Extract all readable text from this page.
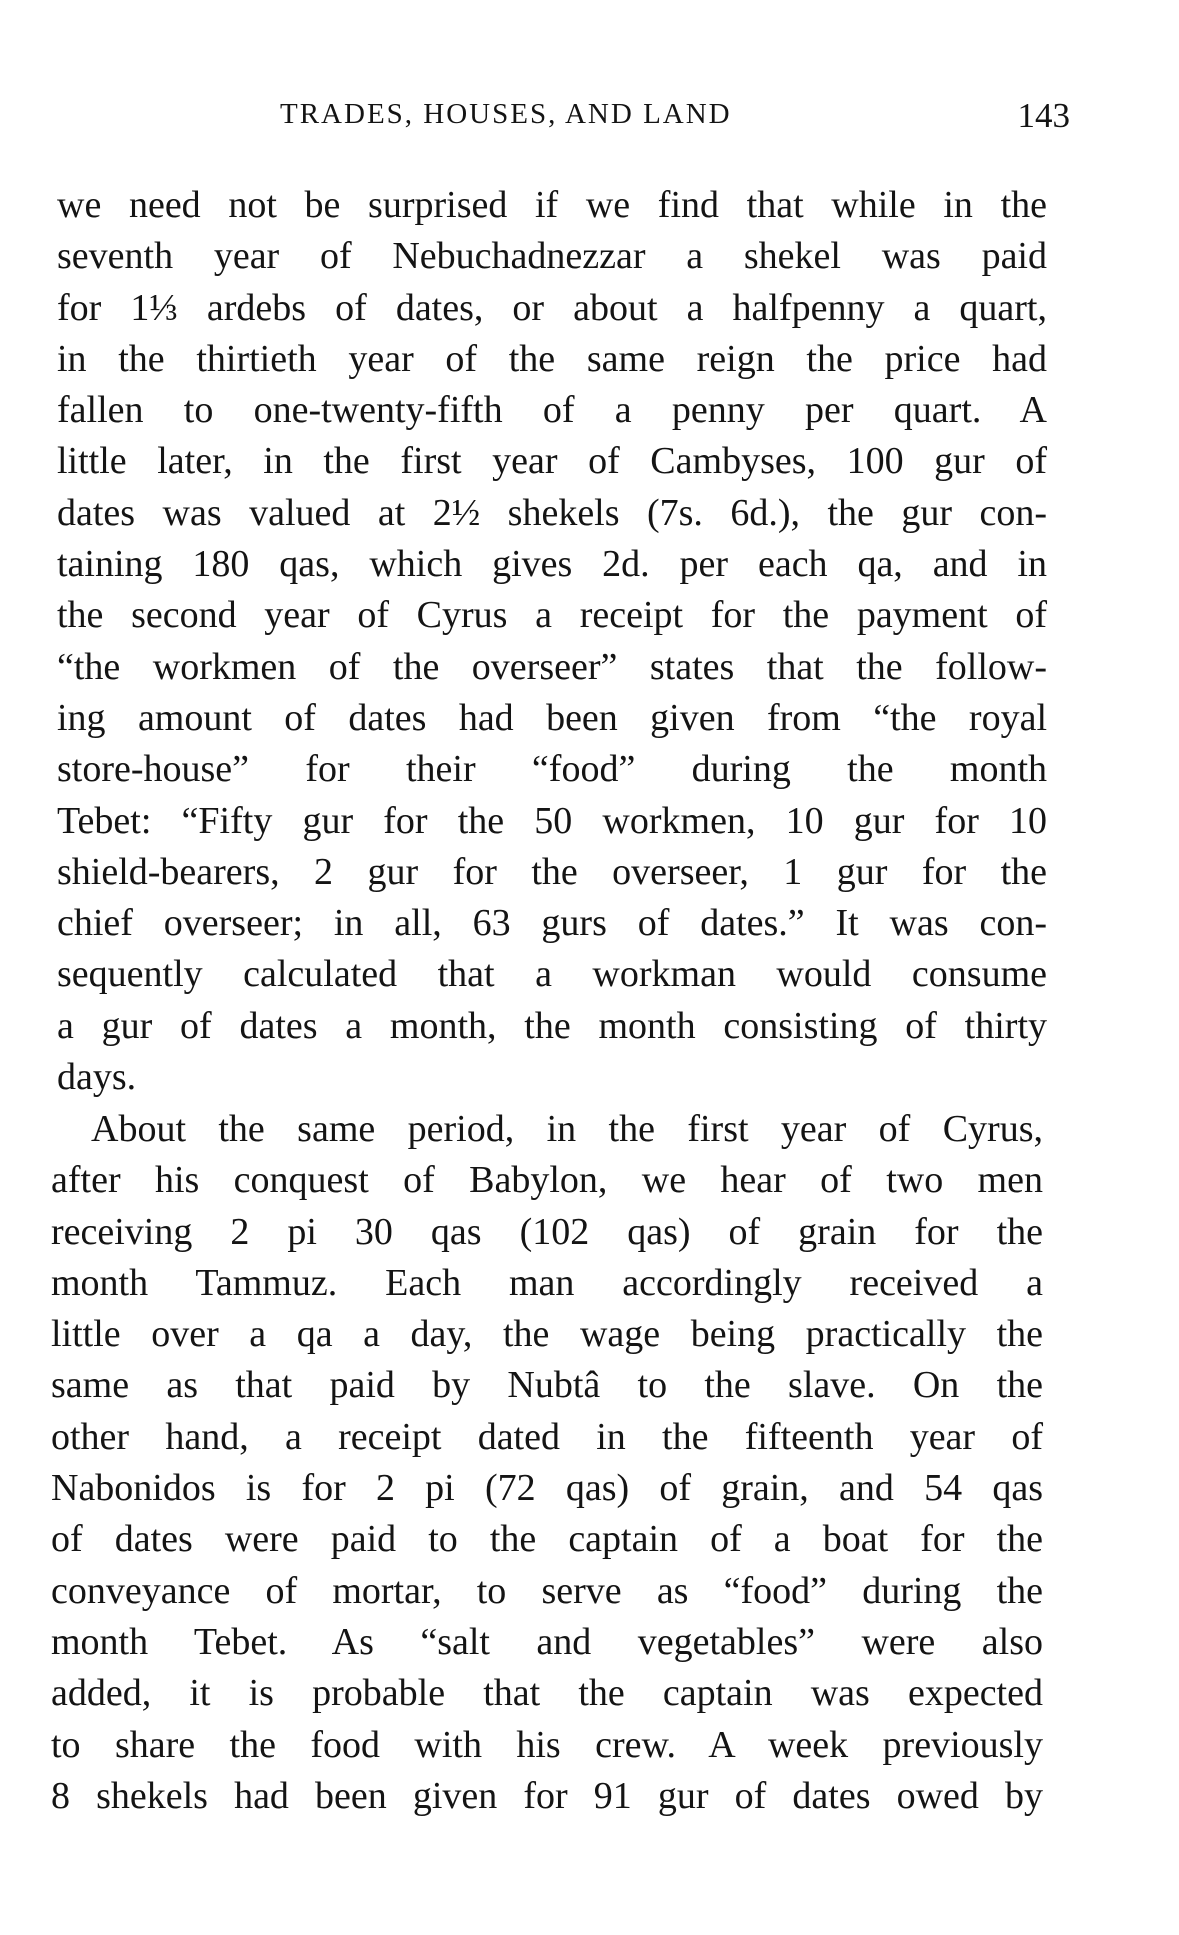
TRADES, HOUSES, AND LAND	143
we need not be surprised if we find that while in the
seventh year of Nebuchadnezzar a shekel was paid
for 1⅓ ardebs of dates, or about a halfpenny a quart,
in the thirtieth year of the same reign the price had
fallen to one-twenty-fifth of a penny per quart. A
little later, in the first year of Cambyses, 100 gur of
dates was valued at 2½ shekels (7s. 6d.), the gur con-
taining 180 qas, which gives 2d. per each qa, and in
the second year of Cyrus a receipt for the payment of
“the workmen of the overseer” states that the follow-
ing amount of dates had been given from “the royal
store-house” for their “food” during the month
Tebet: “Fifty gur for the 50 workmen, 10 gur for 10
shield-bearers, 2 gur for the overseer, 1 gur for the
chief overseer; in all, 63 gurs of dates.” It was con-
sequently calculated that a workman would consume
a gur of dates a month, the month consisting of thirty
days.
About the same period, in the first year of Cyrus,
after his conquest of Babylon, we hear of two men
receiving 2 pi 30 qas (102 qas) of grain for the
month Tammuz. Each man accordingly received a
little over a qa a day, the wage being practically the
same as that paid by Nubtâ to the slave. On the
other hand, a receipt dated in the fifteenth year of
Nabonidos is for 2 pi (72 qas) of grain, and 54 qas
of dates were paid to the captain of a boat for the
conveyance of mortar, to serve as “food” during the
month Tebet. As “salt and vegetables” were also
added, it is probable that the captain was expected
to share the food with his crew. A week previously
8 shekels had been given for 91 gur of dates owed by
